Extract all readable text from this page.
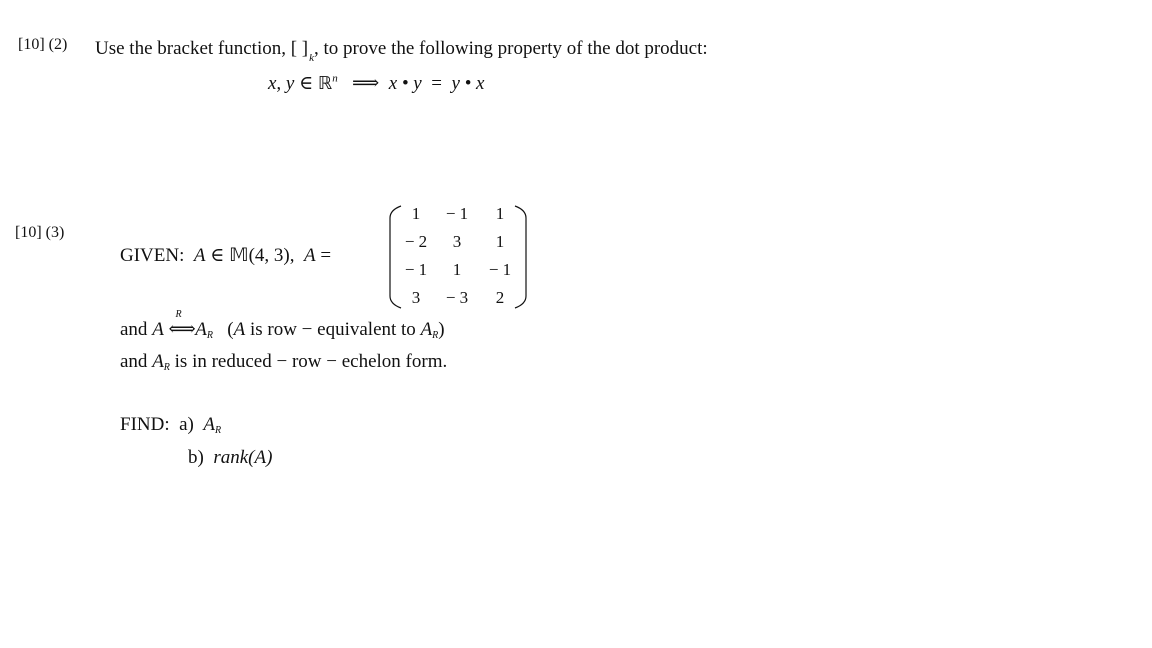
[10] (2) Use the bracket function, [ ]$_k$, to prove the following property of the dot product:
x, y ∈ ℝ$^n$ ⟹ x • y = y • x
[10] (3)
GIVEN: A ∈ 𝕄(4, 3), A =
1	− 1	1
− 2	3	1
− 1	1	− 1
3	− 3	2
and A
R
⟺ AR (A is row − equivalent to AR)
and AR is in reduced − row − echelon form.
FIND: a) AR
b) rank(A)
